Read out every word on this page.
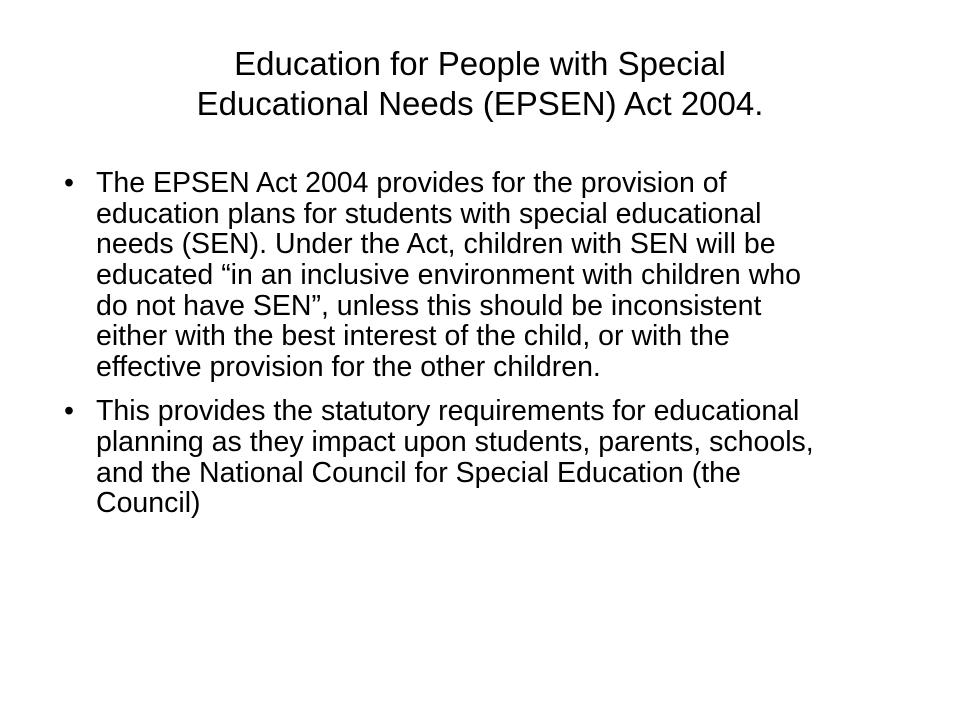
Education for People with Special
Educational Needs (EPSEN) Act 2004.
• The EPSEN Act 2004 provides for the provision of education plans for students with special educational needs (SEN). Under the Act, children with SEN will be educated “in an inclusive environment with children who do not have SEN”, unless this should be inconsistent either with the best interest of the child, or with the effective provision for the other children.
• This provides the statutory requirements for educational planning as they impact upon students, parents, schools, and the National Council for Special Education (the Council)
